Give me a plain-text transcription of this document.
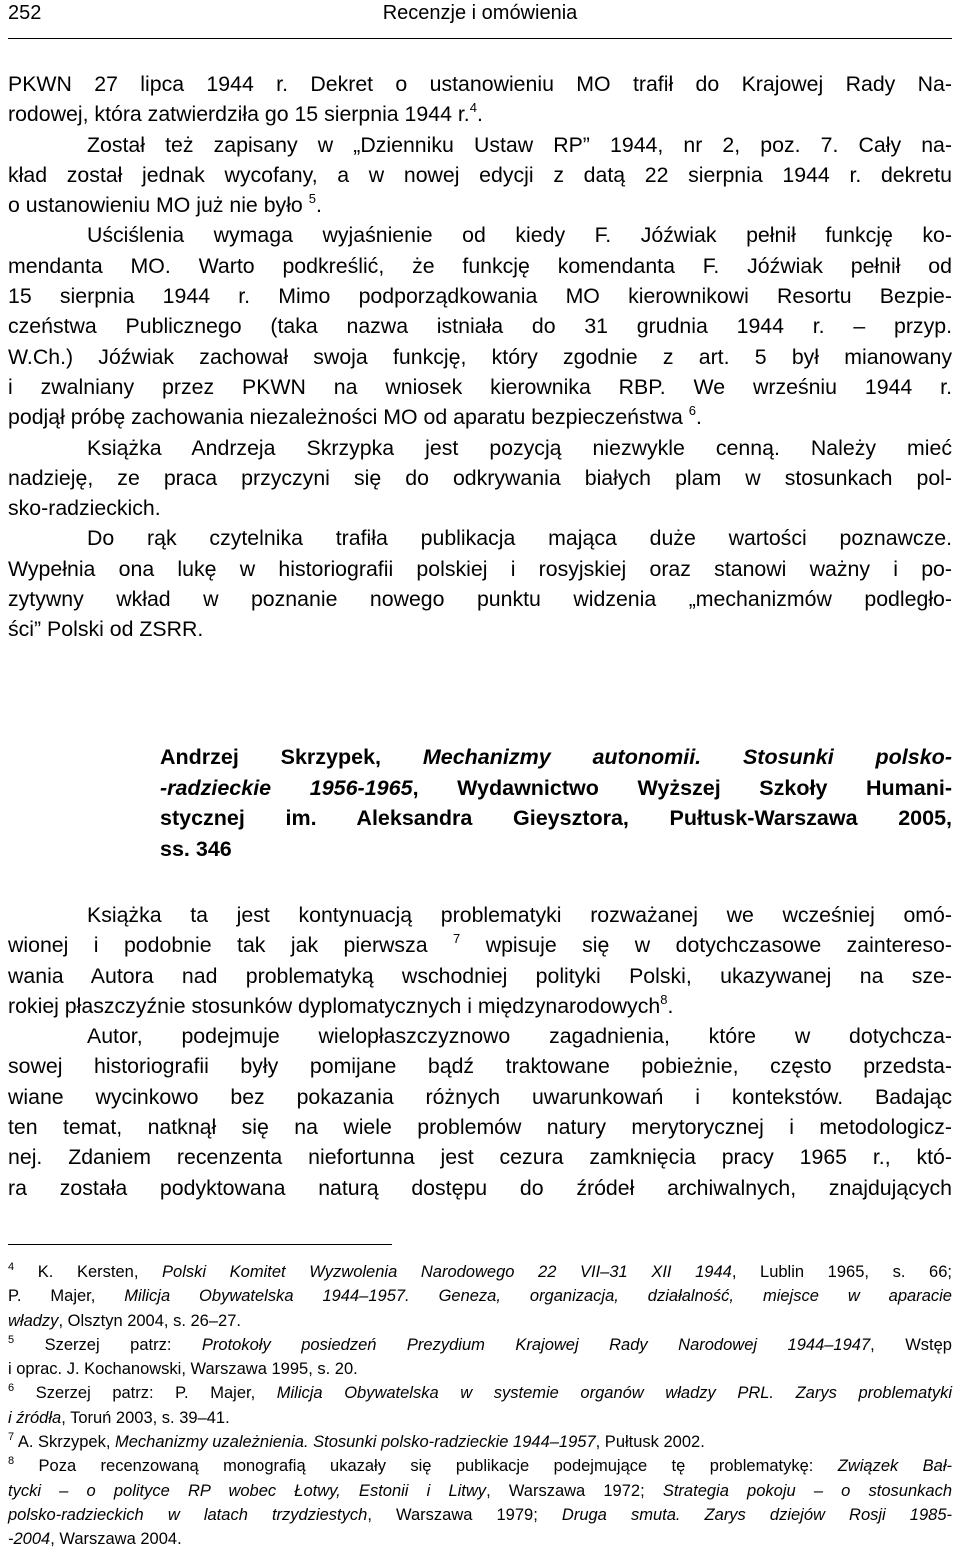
252	Recenzje i omówienia
PKWN 27 lipca 1944 r. Dekret o ustanowieniu MO trafił do Krajowej Rady Na-
rodowej, która zatwierdziła go 15 sierpnia 1944 r.$^4$.
Został też zapisany w „Dzienniku Ustaw RP” 1944, nr 2, poz. 7. Cały na-
kład został jednak wycofany, a w nowej edycji z datą 22 sierpnia 1944 r. dekretu
o ustanowieniu MO już nie było $^5$.
Uściślenia wymaga wyjaśnienie od kiedy F. Jóźwiak pełnił funkcję ko-
mendanta MO. Warto podkreślić, że funkcję komendanta F. Jóźwiak pełnił od
15 sierpnia 1944 r. Mimo podporządkowania MO kierownikowi Resortu Bezpie-
czeństwa Publicznego (taka nazwa istniała do 31 grudnia 1944 r. – przyp.
W.Ch.) Jóźwiak zachował swoja funkcję, który zgodnie z art. 5 był mianowany
i zwalniany przez PKWN na wniosek kierownika RBP. We wrześniu 1944 r.
podjął próbę zachowania niezależności MO od aparatu bezpieczeństwa $^6$.
Książka Andrzeja Skrzypka jest pozycją niezwykle cenną. Należy mieć
nadzieję, ze praca przyczyni się do odkrywania białych plam w stosunkach pol-
sko-radzieckich.
Do rąk czytelnika trafiła publikacja mająca duże wartości poznawcze.
Wypełnia ona lukę w historiografii polskiej i rosyjskiej oraz stanowi ważny i po-
zytywny wkład w poznanie nowego punktu widzenia „mechanizmów podległo-
ści” Polski od ZSRR.
Andrzej Skrzypek, Mechanizmy autonomii. Stosunki polsko-
-radzieckie 1956-1965, Wydawnictwo Wyższej Szkoły Humani-
stycznej im. Aleksandra Gieysztora, Pułtusk-Warszawa 2005,
ss. 346
Książka ta jest kontynuacją problematyki rozważanej we wcześniej omó-
wionej i podobnie tak jak pierwsza $^7$ wpisuje się w dotychczasowe zaintereso-
wania Autora nad problematyką wschodniej polityki Polski, ukazywanej na sze-
rokiej płaszczyźnie stosunków dyplomatycznych i międzynarodowych$^8$.
Autor, podejmuje wielopłaszczyznowo zagadnienia, które w dotychcza-
sowej historiografii były pomijane bądź traktowane pobieżnie, często przedsta-
wiane wycinkowo bez pokazania różnych uwarunkowań i kontekstów. Badając
ten temat, natknął się na wiele problemów natury merytorycznej i metodologicz-
nej. Zdaniem recenzenta niefortunna jest cezura zamknięcia pracy 1965 r., któ-
ra została podyktowana naturą dostępu do źródeł archiwalnych, znajdujących
$^4$ K. Kersten, Polski Komitet Wyzwolenia Narodowego 22 VII–31 XII 1944, Lublin 1965, s. 66;
P. Majer, Milicja Obywatelska 1944–1957. Geneza, organizacja, działalność, miejsce w aparacie
władzy, Olsztyn 2004, s. 26–27.
$^5$ Szerzej patrz: Protokoły posiedzeń Prezydium Krajowej Rady Narodowej 1944–1947, Wstęp
i oprac. J. Kochanowski, Warszawa 1995, s. 20.
$^6$ Szerzej patrz: P. Majer, Milicja Obywatelska w systemie organów władzy PRL. Zarys problematyki
i źródła, Toruń 2003, s. 39–41.
$^7$ A. Skrzypek, Mechanizmy uzależnienia. Stosunki polsko-radzieckie 1944–1957, Pułtusk 2002.
$^8$ Poza recenzowaną monografią ukazały się publikacje podejmujące tę problematykę: Związek Bał-
tycki – o polityce RP wobec Łotwy, Estonii i Litwy, Warszawa 1972; Strategia pokoju – o stosunkach
polsko-radzieckich w latach trzydziestych, Warszawa 1979; Druga smuta. Zarys dziejów Rosji 1985-
-2004, Warszawa 2004.
